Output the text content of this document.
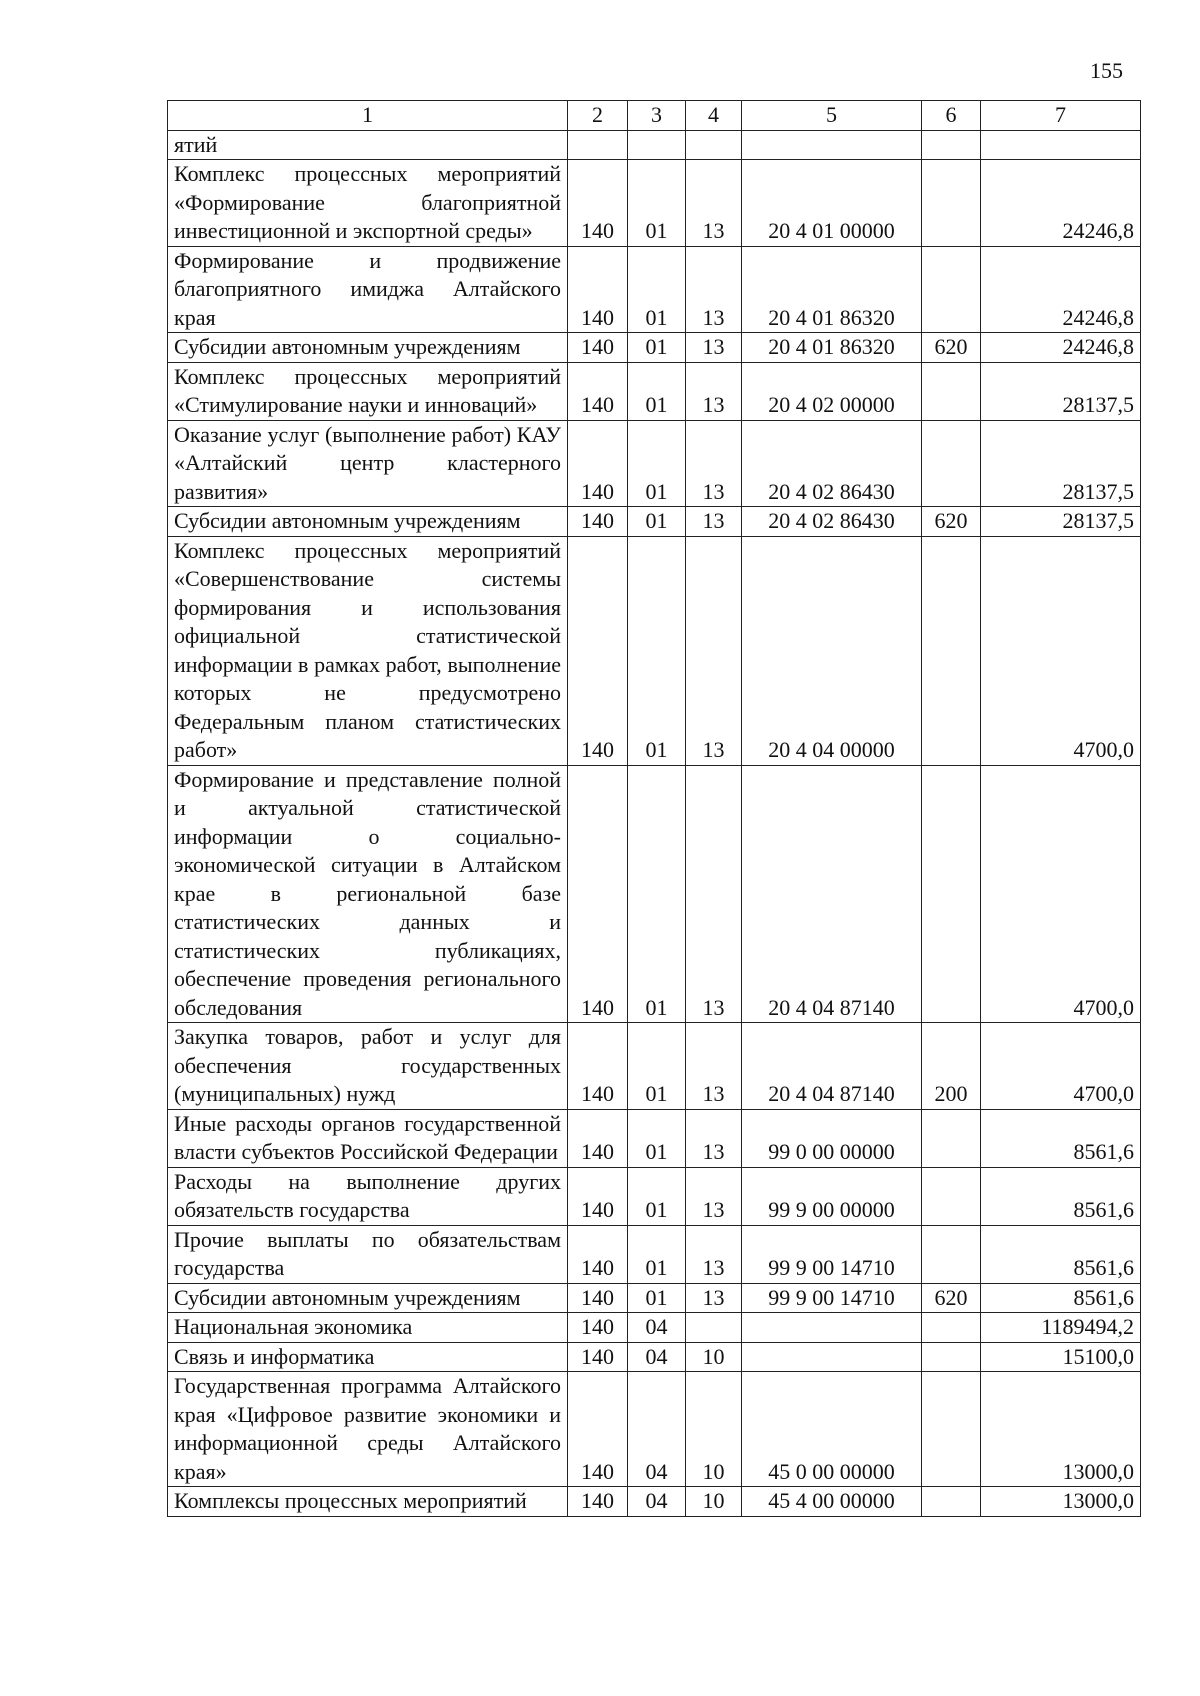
155
1	2	3	4	5	6	7
ятий						
Комплекс процессных мероприятий «Формирование благоприятной инвестиционной и экспортной среды»	140	01	13	20 4 01 00000		24246,8
Формирование и продвижение благоприятного имиджа Алтайского края	140	01	13	20 4 01 86320		24246,8
Субсидии автономным учреждениям	140	01	13	20 4 01 86320	620	24246,8
Комплекс процессных мероприятий «Стимулирование науки и инноваций»	140	01	13	20 4 02 00000		28137,5
Оказание услуг (выполнение работ) КАУ «Алтайский центр кластерного развития»	140	01	13	20 4 02 86430		28137,5
Субсидии автономным учреждениям	140	01	13	20 4 02 86430	620	28137,5
Комплекс процессных мероприятий «Совершенствование системы формирования и использования официальной статистической информации в рамках работ, выполнение которых не предусмотрено Федеральным планом статистических работ»	140	01	13	20 4 04 00000		4700,0
Формирование и представление полной и актуальной статистической информации о социально-экономической ситуации в Алтайском крае в региональной базе статистических данных и статистических публикациях, обеспечение проведения регионального обследования	140	01	13	20 4 04 87140		4700,0
Закупка товаров, работ и услуг для обеспечения государственных (муниципальных) нужд	140	01	13	20 4 04 87140	200	4700,0
Иные расходы органов государственной власти субъектов Российской Федерации	140	01	13	99 0 00 00000		8561,6
Расходы на выполнение других обязательств государства	140	01	13	99 9 00 00000		8561,6
Прочие выплаты по обязательствам государства	140	01	13	99 9 00 14710		8561,6
Субсидии автономным учреждениям	140	01	13	99 9 00 14710	620	8561,6
Национальная экономика	140	04				1189494,2
Связь и информатика	140	04	10			15100,0
Государственная программа Алтайского края «Цифровое развитие экономики и информационной среды Алтайского края»	140	04	10	45 0 00 00000		13000,0
Комплексы процессных мероприятий	140	04	10	45 4 00 00000		13000,0
